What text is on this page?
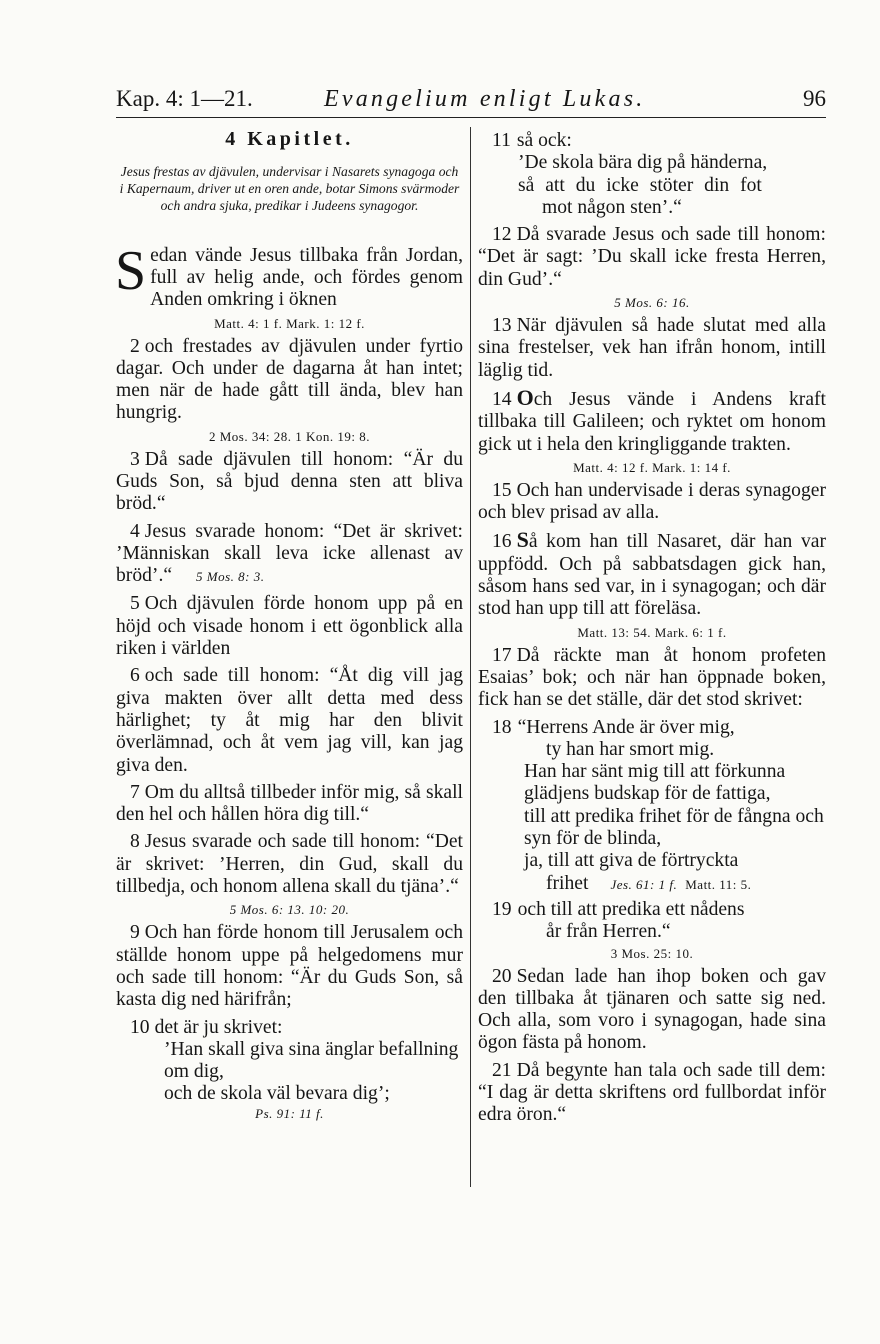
Kap. 4: 1—21.	Evangelium enligt Lukas.	96
4 Kapitlet.
Jesus frestas av djävulen, undervisar i Nasarets synagoga och i Kapernaum, driver ut en oren ande, botar Simons svärmoder och andra sjuka, predikar i Judeens synagogor.

Sedan vände Jesus tillbaka från Jordan, full av helig ande, och fördes genom Anden omkring i öknen

Matt. 4: 1 f. Mark. 1: 12 f.

2 och frestades av djävulen under fyrtio dagar. Och under de dagarna åt han intet; men när de hade gått till ända, blev han hungrig.

2 Mos. 34: 28. 1 Kon. 19: 8.

3 Då sade djävulen till honom: “Är du Guds Son, så bjud denna sten att bliva bröd.“

4 Jesus svarade honom: “Det är skrivet: ’Människan skall leva icke allenast av bröd’.“ 5 Mos. 8: 3.

5 Och djävulen förde honom upp på en höjd och visade honom i ett ögonblick alla riken i världen

6 och sade till honom: “Åt dig vill jag giva makten över allt detta med dess härlighet; ty åt mig har den blivit överlämnad, och åt vem jag vill, kan jag giva den.

7 Om du alltså tillbeder inför mig, så skall den hel och hållen höra dig till.“

8 Jesus svarade och sade till honom: “Det är skrivet: ’Herren, din Gud, skall du tillbedja, och honom allena skall du tjäna’.“

5 Mos. 6: 13. 10: 20.

9 Och han förde honom till Jerusalem och ställde honom uppe på helgedomens mur och sade till honom: “Är du Guds Son, så kasta dig ned härifrån;

10 det är ju skrivet:

’Han skall giva sina änglar befallning om dig,
och de skola väl bevara dig’;
Ps. 91: 11 f.
11 så ock:
’De skola bära dig på händerna,
så att du icke stöter din fot
mot någon sten’.“

12 Då svarade Jesus och sade till honom: “Det är sagt: ’Du skall icke fresta Herren, din Gud’.“

5 Mos. 6: 16.

13 När djävulen så hade slutat med alla sina frestelser, vek han ifrån honom, intill läglig tid.

14 Och Jesus vände i Andens kraft tillbaka till Galileen; och ryktet om honom gick ut i hela den kringliggande trakten.

Matt. 4: 12 f. Mark. 1: 14 f.

15 Och han undervisade i deras synagoger och blev prisad av alla.

16 Så kom han till Nasaret, där han var uppfödd. Och på sabbatsdagen gick han, såsom hans sed var, in i synagogan; och där stod han upp till att föreläsa.

Matt. 13: 54. Mark. 6: 1 f.

17 Då räckte man åt honom profeten Esaias’ bok; och när han öppnade boken, fick han se det ställe, där det stod skrivet:

18 “Herrens Ande är över mig,
ty han har smort mig.
Han har sänt mig till att förkunna
glädjens budskap för de fattiga,
till att predika frihet för de fångna och syn för de blinda,
ja, till att giva de förtryckta
frihet Jes. 61: 1 f. Matt. 11: 5.
19 och till att predika ett nådens
år från Herren.“
3 Mos. 25: 10.

20 Sedan lade han ihop boken och gav den tillbaka åt tjänaren och satte sig ned. Och alla, som voro i synagogan, hade sina ögon fästa på honom.

21 Då begynte han tala och sade till dem: “I dag är detta skriftens ord fullbordat inför edra öron.“
